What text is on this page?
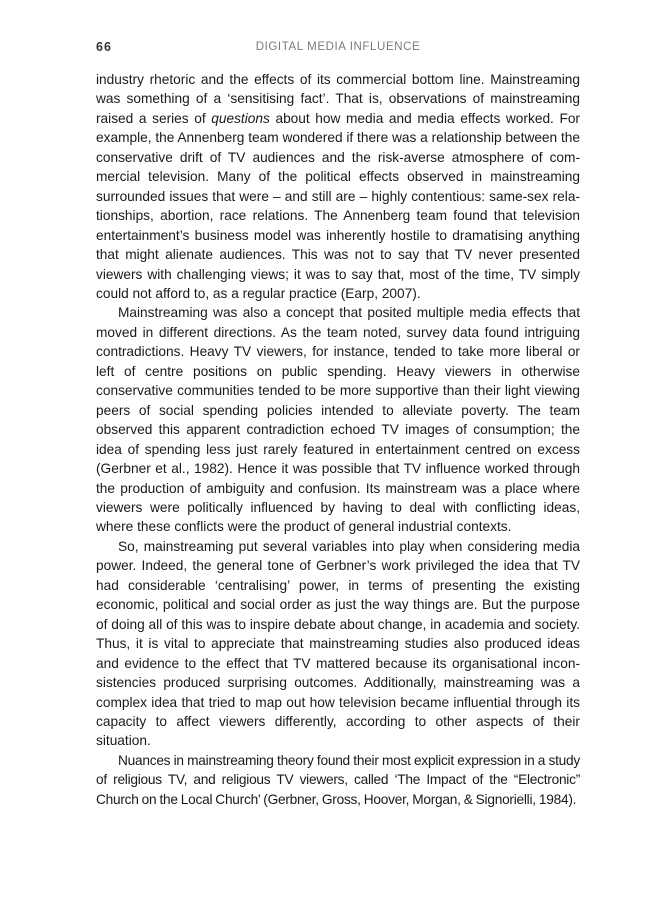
66	DIGITAL MEDIA INFLUENCE

industry rhetoric and the effects of its commercial bottom line. Mainstreaming was something of a ‘sensitising fact’. That is, observations of mainstreaming raised a series of questions about how media and media effects worked. For example, the Annenberg team wondered if there was a relationship between the conservative drift of TV audiences and the risk-averse atmosphere of commercial television. Many of the political effects observed in mainstreaming surrounded issues that were – and still are – highly contentious: same-sex relationships, abortion, race relations. The Annenberg team found that television entertainment’s business model was inherently hostile to dramatising anything that might alienate audiences. This was not to say that TV never presented viewers with challenging views; it was to say that, most of the time, TV simply could not afford to, as a regular practice (Earp, 2007).

Mainstreaming was also a concept that posited multiple media effects that moved in different directions. As the team noted, survey data found intriguing contradictions. Heavy TV viewers, for instance, tended to take more liberal or left of centre positions on public spending. Heavy viewers in otherwise conservative communities tended to be more supportive than their light viewing peers of social spending policies intended to alleviate poverty. The team observed this apparent contradiction echoed TV images of consumption; the idea of spending less just rarely featured in entertainment centred on excess (Gerbner et al., 1982). Hence it was possible that TV influence worked through the production of ambiguity and confusion. Its mainstream was a place where viewers were politically influenced by having to deal with conflicting ideas, where these conflicts were the product of general industrial contexts.

So, mainstreaming put several variables into play when considering media power. Indeed, the general tone of Gerbner’s work privileged the idea that TV had considerable ‘centralising’ power, in terms of presenting the existing economic, political and social order as just the way things are. But the purpose of doing all of this was to inspire debate about change, in academia and society. Thus, it is vital to appreciate that mainstreaming studies also produced ideas and evidence to the effect that TV mattered because its organisational inconsistencies produced surprising outcomes. Additionally, mainstreaming was a complex idea that tried to map out how television became influential through its capacity to affect viewers differently, according to other aspects of their situation.

Nuances in mainstreaming theory found their most explicit expression in a study of religious TV, and religious TV viewers, called ‘The Impact of the “Electronic” Church on the Local Church’ (Gerbner, Gross, Hoover, Morgan, & Signorielli, 1984).
